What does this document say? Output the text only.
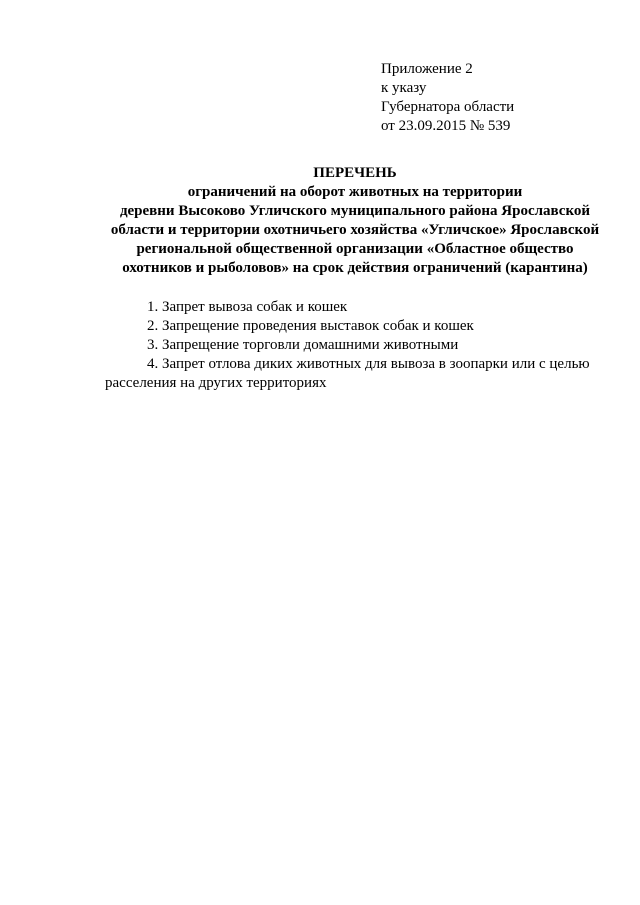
Приложение 2
к указу
Губернатора области
от 23.09.2015 № 539
ПЕРЕЧЕНЬ
ограничений на оборот животных на территории
деревни Высоково Угличского муниципального района Ярославской
области и территории охотничьего хозяйства «Угличское» Ярославской
региональной общественной организации «Областное общество
охотников и рыболовов» на срок действия ограничений (карантина)
1. Запрет вывоза собак и кошек
2. Запрещение проведения выставок собак и кошек
3. Запрещение торговли домашними животными
4. Запрет отлова диких животных для вывоза в зоопарки или с целью
расселения на других территориях
